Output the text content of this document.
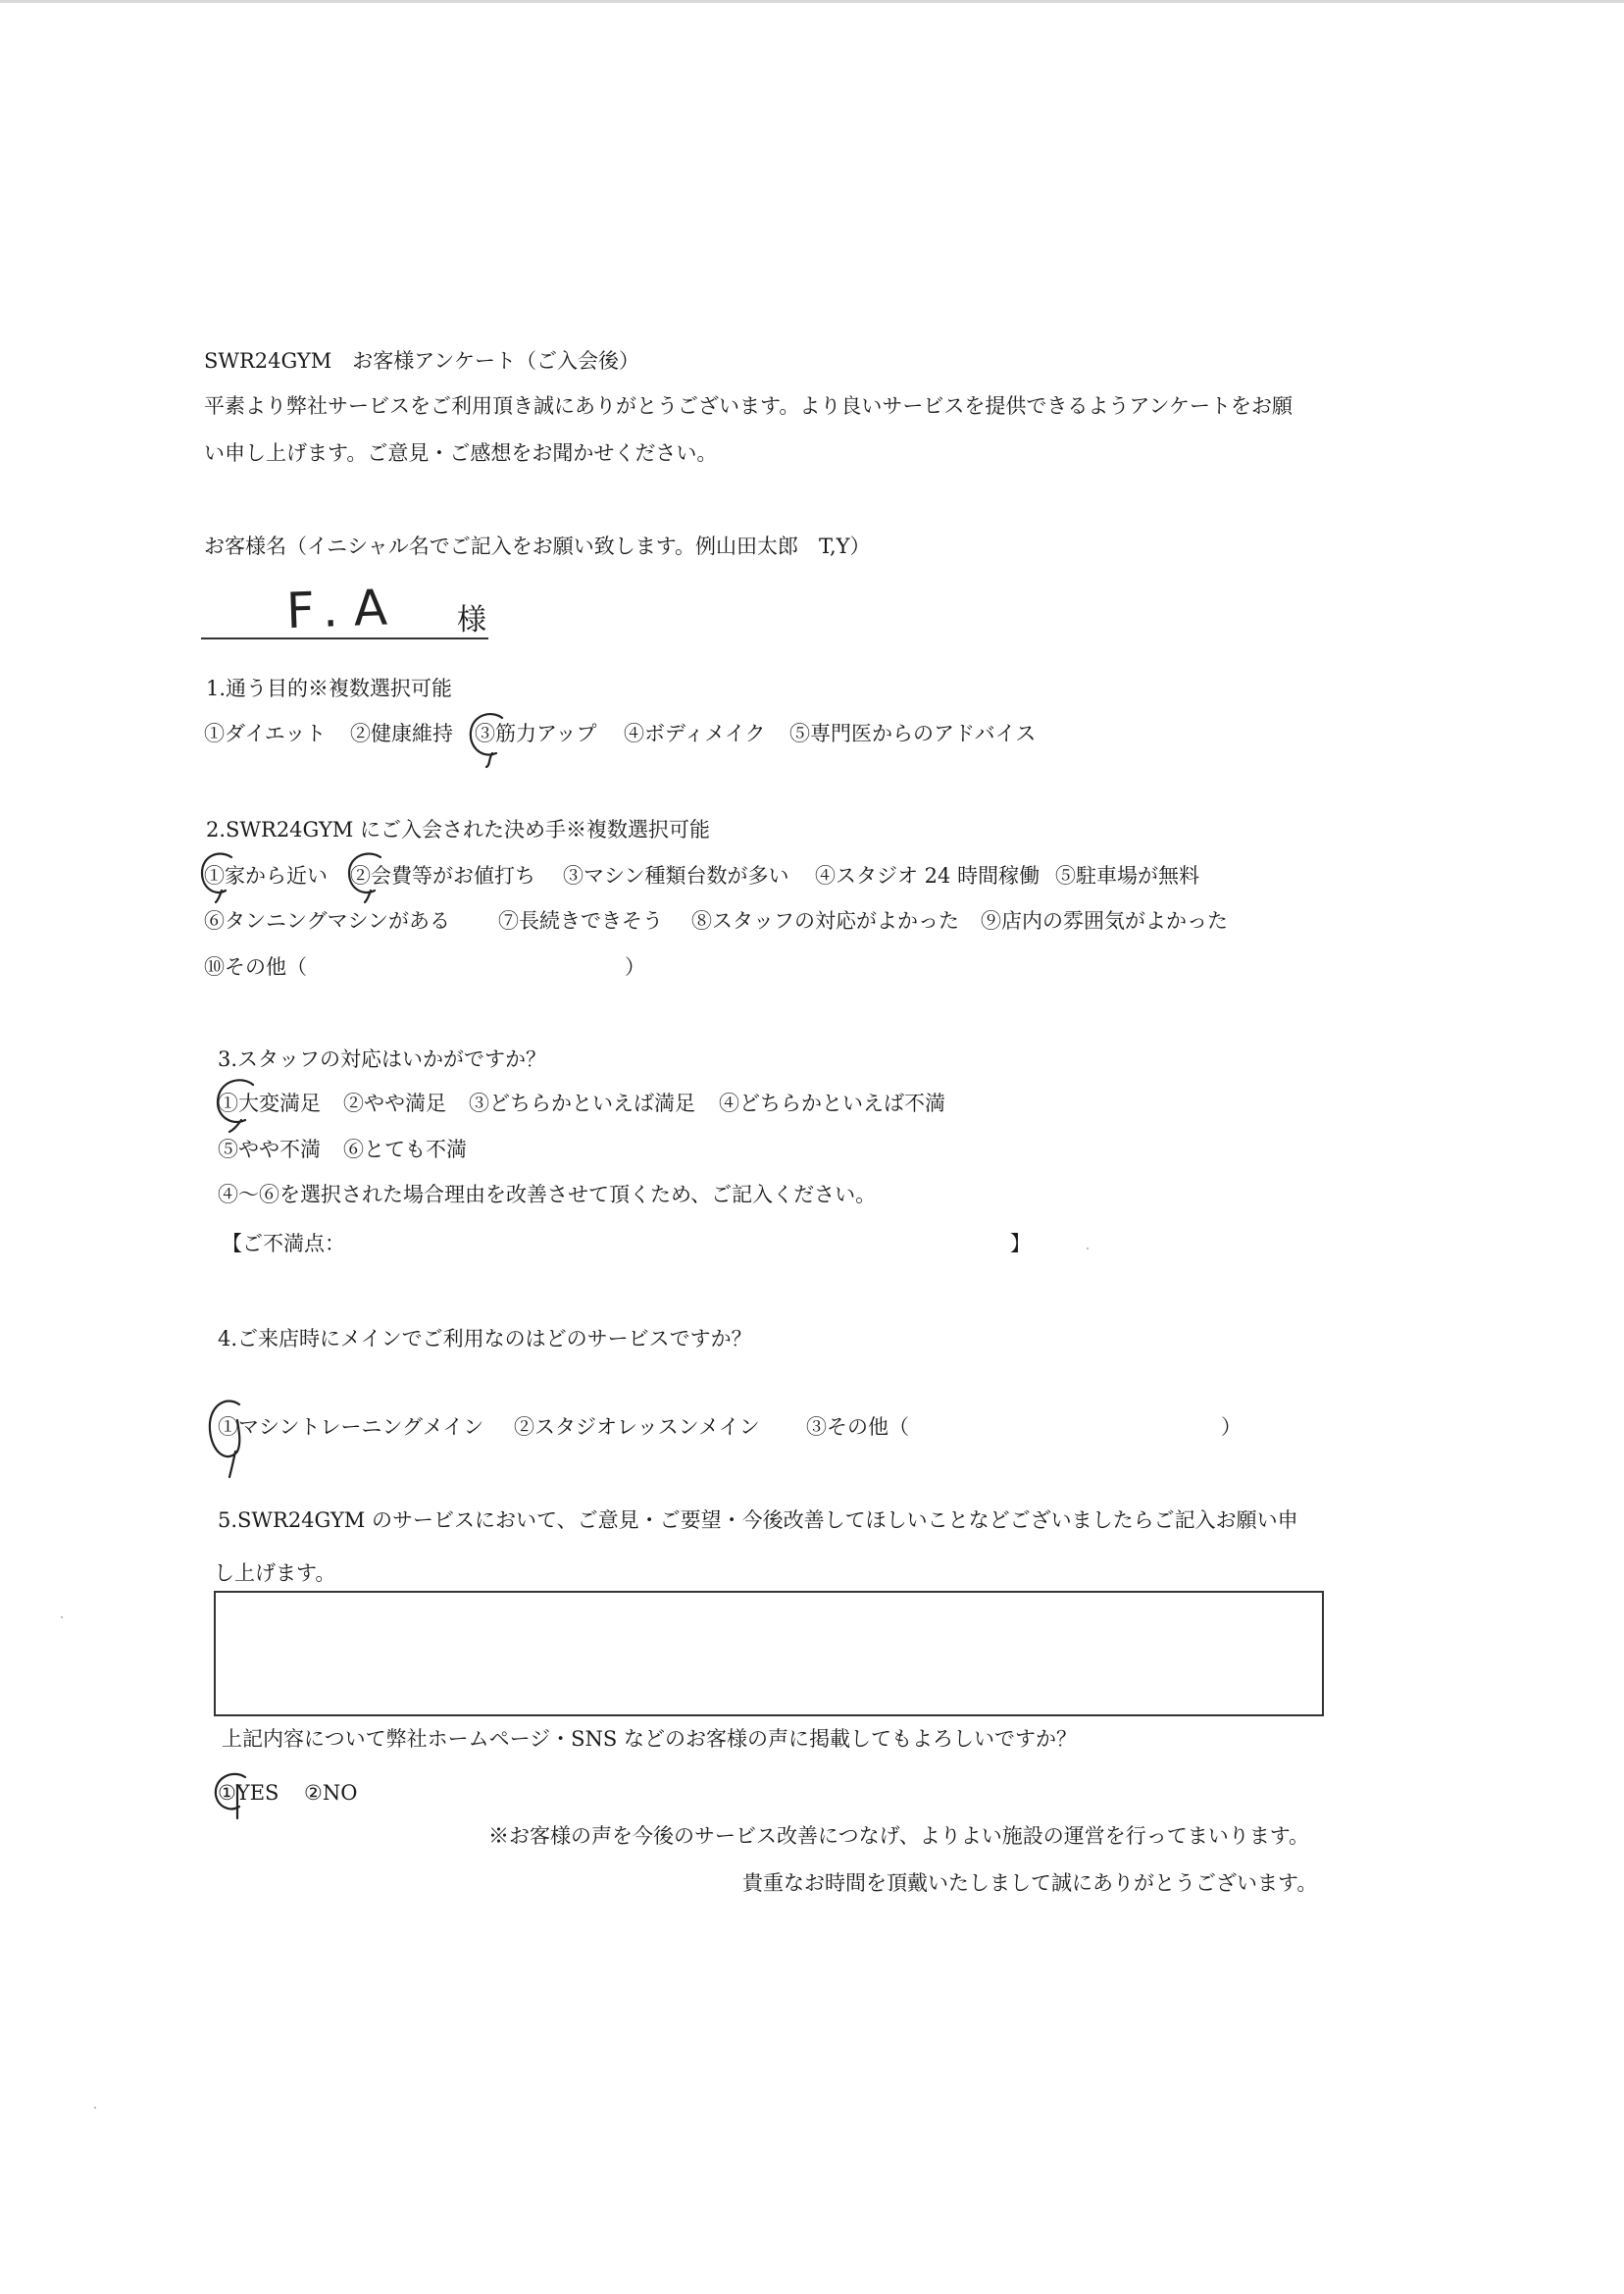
SWR24GYM　お客様アンケート（ご入会後）
平素より弊社サービスをご利用頂き誠にありがとうございます。より良いサービスを提供できるようアンケートをお願
い申し上げます。ご意見・ご感想をお聞かせください。
お客様名（イニシャル名でご記入をお願い致します。例山田太郎　T,Y）
F.A 様
1.通う目的※複数選択可能
①ダイエット ②健康維持 ③筋力アップ ④ボディメイク ⑤専門医からのアドバイス
2.SWR24GYM にご入会された決め手※複数選択可能
①家から近い ②会費等がお値打ち ③マシン種類台数が多い ④スタジオ 24 時間稼働 ⑤駐車場が無料
⑥タンニングマシンがある ⑦長続きできそう ⑧スタッフの対応がよかった ⑨店内の雰囲気がよかった
⑩その他（	）
3.スタッフの対応はいかがですか？
①大変満足 ②やや満足 ③どちらかといえば満足 ④どちらかといえば不満
⑤やや不満 ⑥とても不満
④～⑥を選択された場合理由を改善させて頂くため、ご記入ください。
【ご不満点：	】
4.ご来店時にメインでご利用なのはどのサービスですか？
①マシントレーニングメイン ②スタジオレッスンメイン ③その他（	）
5.SWR24GYM のサービスにおいて、ご意見・ご要望・今後改善してほしいことなどございましたらご記入お願い申
し上げます。
上記内容について弊社ホームページ・SNS などのお客様の声に掲載してもよろしいですか？
①YES ②NO
※お客様の声を今後のサービス改善につなげ、よりよい施設の運営を行ってまいります。
貴重なお時間を頂戴いたしまして誠にありがとうございます。
